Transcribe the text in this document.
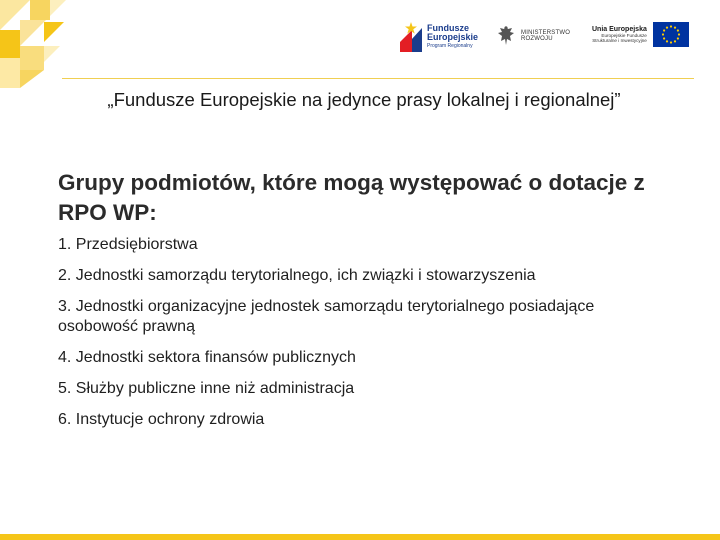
Fundusze
Europejskie
Program Regionalny
MINISTERSTWO
ROZWOJU
Unia Europejska
Europejskie Fundusze
Strukturalne i Inwestycyjne
„Fundusze Europejskie na jedynce prasy lokalnej i regionalnej”
Grupy podmiotów, które mogą występować o dotacje z RPO WP:
1. Przedsiębiorstwa
2. Jednostki samorządu terytorialnego, ich związki i stowarzyszenia
3. Jednostki organizacyjne jednostek samorządu terytorialnego posiadające osobowość prawną
4. Jednostki sektora finansów publicznych
5. Służby publiczne inne niż administracja
6. Instytucje ochrony zdrowia
